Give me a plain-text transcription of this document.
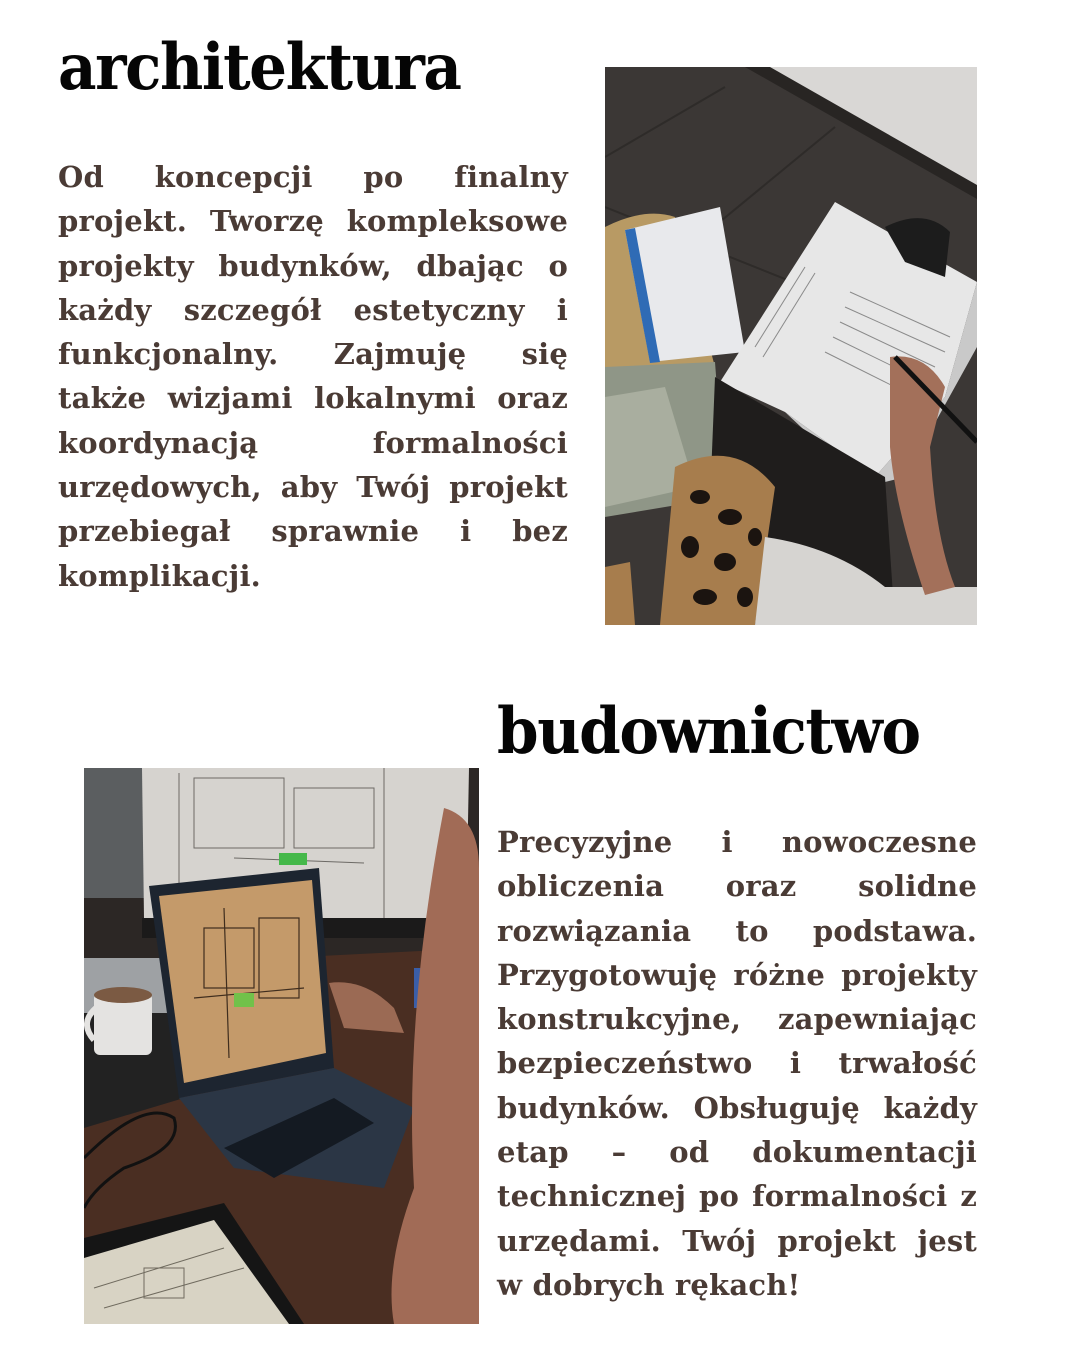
architektura

Od koncepcji po finalny projekt. Tworzę kompleksowe projekty budynków, dbając o każdy szczegół estetyczny i funkcjonalny. Zajmuję się także wizjami lokalnymi oraz koordynacją formalności urzędowych, aby Twój projekt przebiegał sprawnie i bez komplikacji.

budownictwo

Precyzyjne i nowoczesne obliczenia oraz solidne rozwiązania to podstawa. Przygotowuję różne projekty konstrukcyjne, zapewniając bezpieczeństwo i trwałość budynków. Obsługuję każdy etap – od dokumentacji technicznej po formalności z urzędami. Twój projekt jest w dobrych rękach!
